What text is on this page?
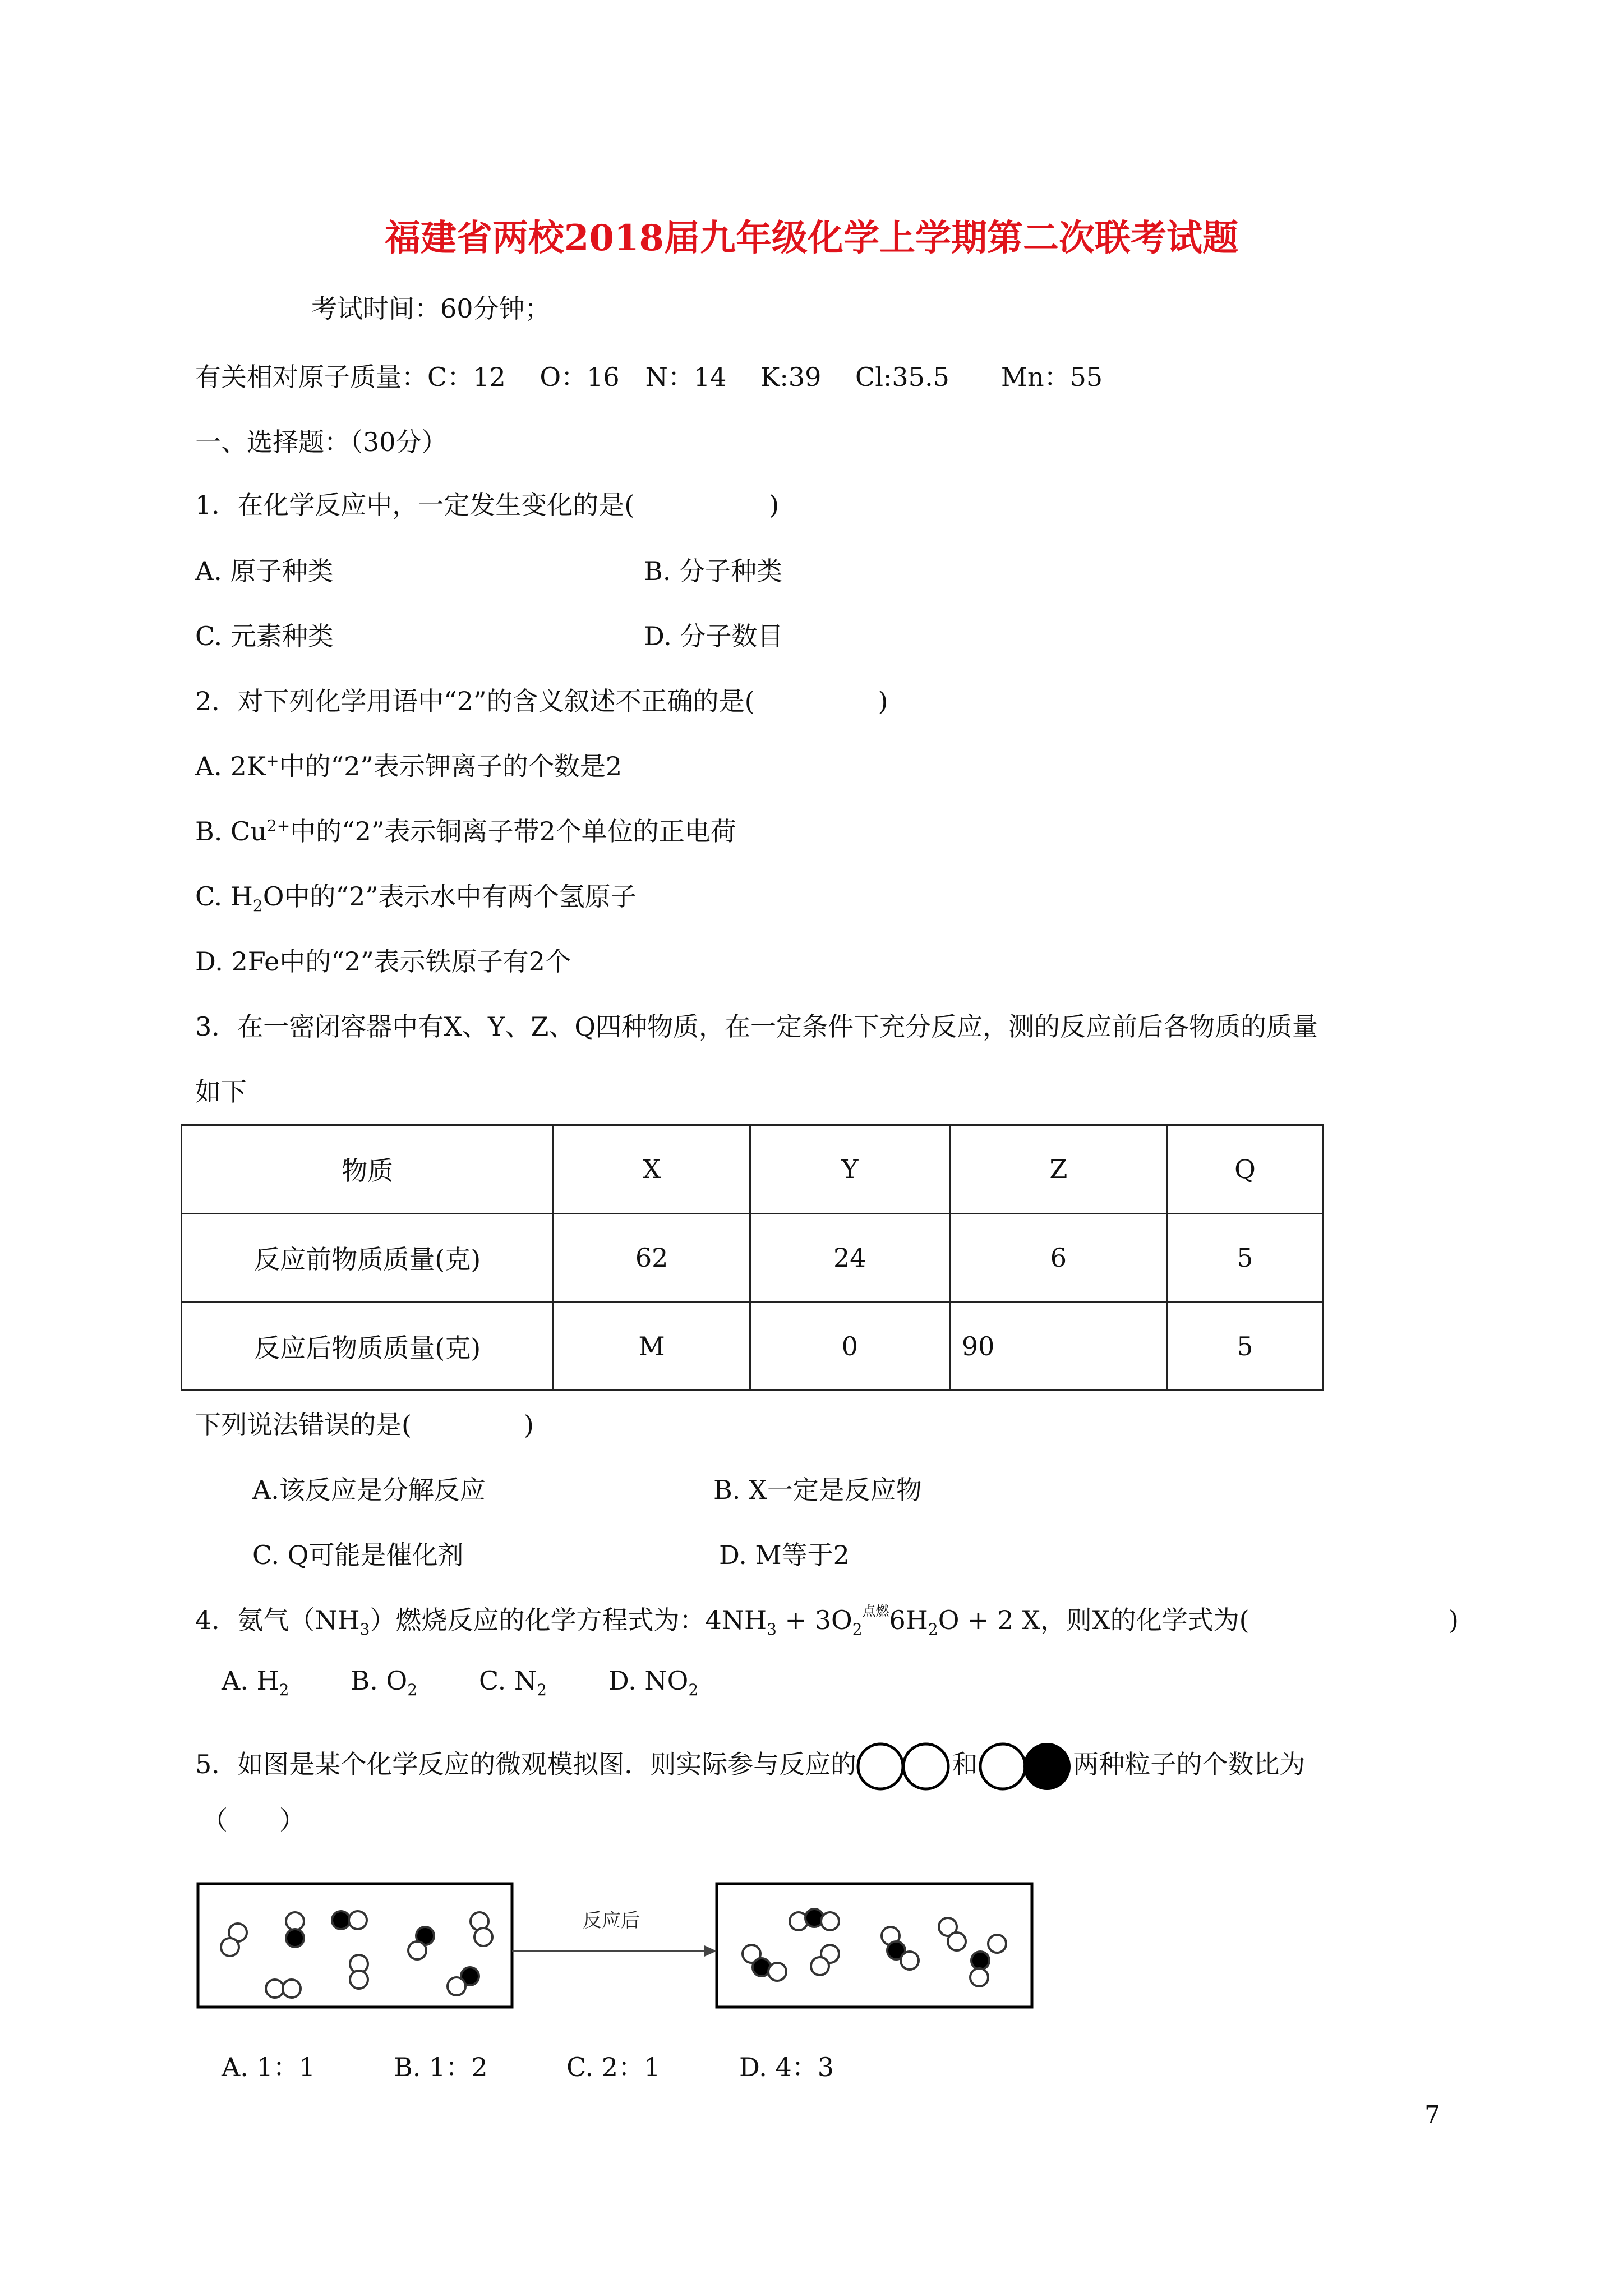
福建省两校2018届九年级化学上学期第二次联考试题
考试时间：60分钟；
有关相对原子质量：C：12　 O：16　N：14　 K:39　 Cl:35.5　　Mn：55
一、选择题：（30分）
1．在化学反应中，一定发生变化的是(	)
A. 原子种类	B. 分子种类
C. 元素种类	D. 分子数目
2．对下列化学用语中“2”的含义叙述不正确的是(	)
A. 2K+中的“2”表示钾离子的个数是2
B. $Cu^{2+}$中的“2”表示铜离子带2个单位的正电荷
C. $H_2O$中的“2”表示水中有两个氢原子
D. 2Fe中的“2”表示铁原子有2个
3．在一密闭容器中有X、Y、Z、Q四种物质，在一定条件下充分反应，测的反应前后各物质的质量
如下
物质	X	Y	Z	Q
反应前物质质量(克)	62	24	6	5
反应后物质质量(克)	M	0	90	5
下列说法错误的是(	)
A.该反应是分解反应	B. X一定是反应物
C. Q可能是催化剂	D. M等于2
4．氨气$(NH_3)$燃烧反应的化学方程式为：$4NH_3 + 3O_2^{点燃}6H_2O + 2$ X，则X的化学式为(	)
A. $H_2$ B. $O_2$ C. $N_2$ D. $NO_2$
5．如图是某个化学反应的微观模拟图．则实际参与反应的	和	两种粒子的个数比为
（　　）
反应后
A. 1：1	B. 1：2	C. 2：1	D. 4：3
7
